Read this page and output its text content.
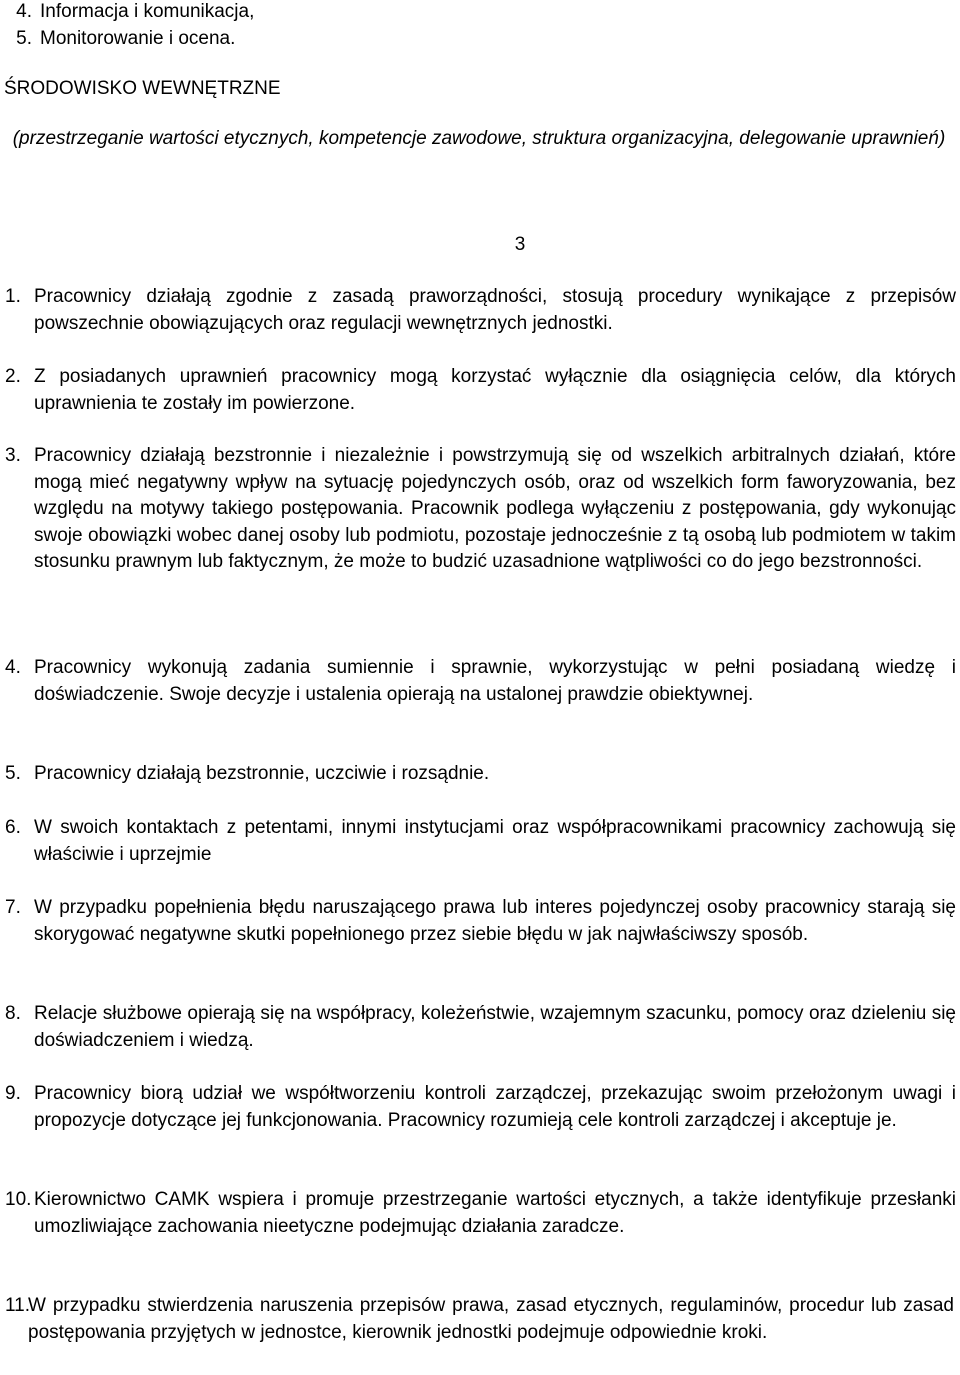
4. Informacja i komunikacja,
5. Monitorowanie i ocena.
ŚRODOWISKO WEWNĘTRZNE
(przestrzeganie wartości etycznych, kompetencje zawodowe, struktura organizacyjna, delegowanie uprawnień)
3
1. Pracownicy działają zgodnie z zasadą praworządności, stosują procedury wynikające z przepisów powszechnie obowiązujących oraz regulacji wewnętrznych jednostki.
2. Z posiadanych uprawnień pracownicy mogą korzystać wyłącznie dla osiągnięcia celów, dla których uprawnienia te zostały im powierzone.
3. Pracownicy działają bezstronnie i niezależnie i powstrzymują się od wszelkich arbitralnych działań, które mogą mieć negatywny wpływ na sytuację pojedynczych osób, oraz od wszelkich form faworyzowania, bez względu na motywy takiego postępowania. Pracownik podlega wyłączeniu z postępowania, gdy wykonując swoje obowiązki wobec danej osoby lub podmiotu, pozostaje jednocześnie z tą osobą lub podmiotem w takim stosunku prawnym lub faktycznym, że może to budzić uzasadnione wątpliwości co do jego bezstronności.
4. Pracownicy wykonują zadania sumiennie i sprawnie, wykorzystując w pełni posiadaną wiedzę i doświadczenie. Swoje decyzje i ustalenia opierają na ustalonej prawdzie obiektywnej.
5. Pracownicy działają bezstronnie, uczciwie i rozsądnie.
6. W swoich kontaktach z petentami, innymi instytucjami oraz współpracownikami pracownicy zachowują się właściwie i uprzejmie
7. W przypadku popełnienia błędu naruszającego prawa lub interes pojedynczej osoby pracownicy starają się skorygować negatywne skutki popełnionego przez siebie błędu w jak najwłaściwszy sposób.
8. Relacje służbowe opierają się na współpracy, koleżeństwie, wzajemnym szacunku, pomocy oraz dzieleniu się doświadczeniem i wiedzą.
9. Pracownicy biorą udział we współtworzeniu kontroli zarządczej, przekazując swoim przełożonym uwagi i propozycje dotyczące jej funkcjonowania. Pracownicy rozumieją cele kontroli zarządczej i akceptuje je.
10. Kierownictwo CAMK wspiera i promuje przestrzeganie wartości etycznych, a także identyfikuje przesłanki umozliwiające zachowania nieetyczne podejmując działania zaradcze.
11.
W przypadku stwierdzenia naruszenia przepisów prawa, zasad etycznych, regulaminów, procedur lub zasad postępowania przyjętych w jednostce, kierownik jednostki podejmuje odpowiednie kroki.
